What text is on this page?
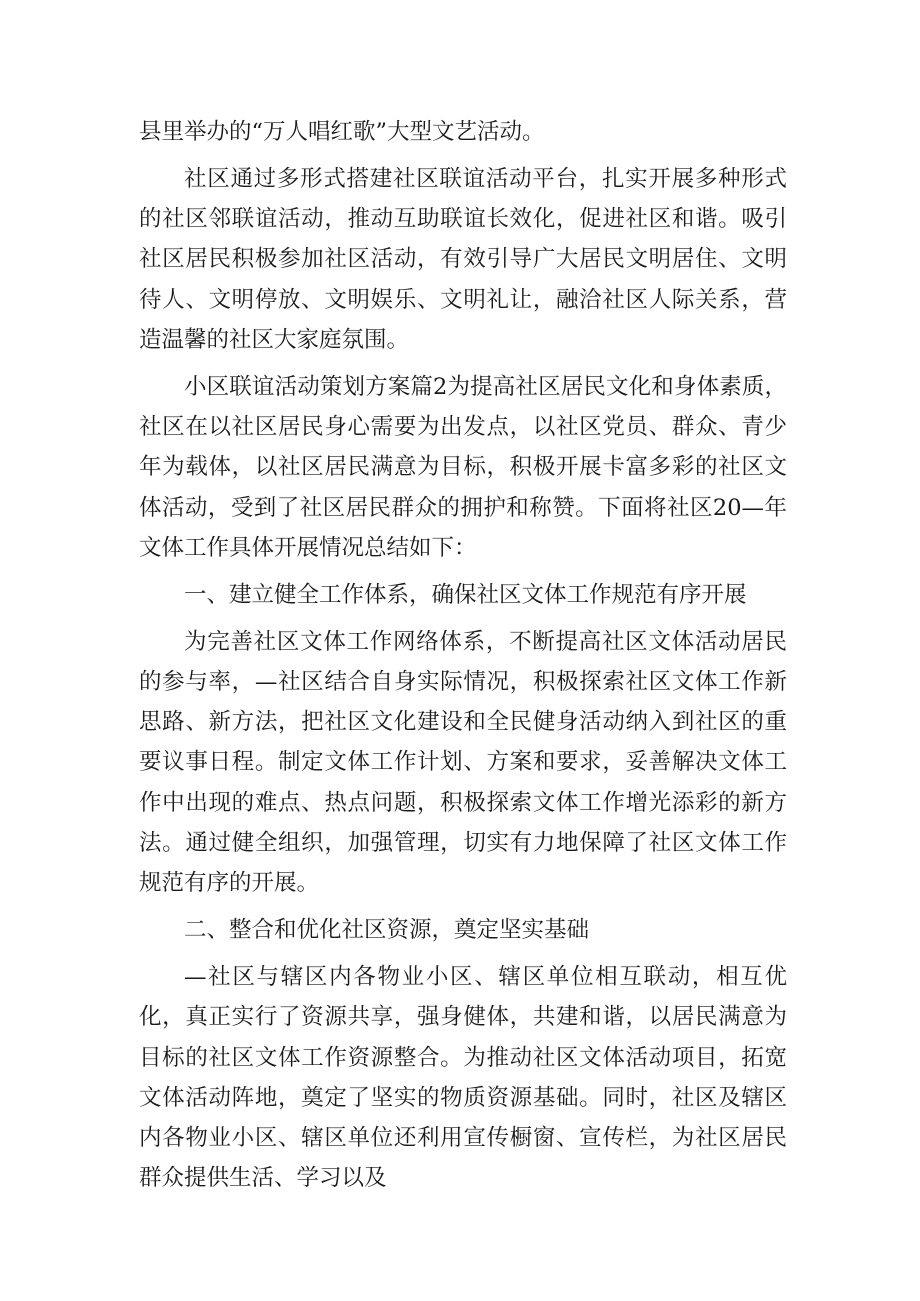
县里举办的“万人唱红歌”大型文艺活动。

社区通过多形式搭建社区联谊活动平台，扎实开展多种形式的社区邻联谊活动，推动互助联谊长效化，促进社区和谐。吸引社区居民积极参加社区活动，有效引导广大居民文明居住、文明待人、文明停放、文明娱乐、文明礼让，融洽社区人际关系，营造温馨的社区大家庭氛围。

小区联谊活动策划方案篇2为提高社区居民文化和身体素质，社区在以社区居民身心需要为出发点，以社区党员、群众、青少年为载体，以社区居民满意为目标，积极开展卡富多彩的社区文体活动，受到了社区居民群众的拥护和称赞。下面将社区20—年文体工作具体开展情况总结如下：

一、建立健全工作体系，确保社区文体工作规范有序开展

为完善社区文体工作网络体系，不断提高社区文体活动居民的参与率，—社区结合自身实际情况，积极探索社区文体工作新思路、新方法，把社区文化建设和全民健身活动纳入到社区的重要议事日程。制定文体工作计划、方案和要求，妥善解决文体工作中出现的难点、热点问题，积极探索文体工作增光添彩的新方法。通过健全组织，加强管理，切实有力地保障了社区文体工作规范有序的开展。

二、整合和优化社区资源，奠定坚实基础

—社区与辖区内各物业小区、辖区单位相互联动，相互优化，真正实行了资源共享，强身健体，共建和谐，以居民满意为目标的社区文体工作资源整合。为推动社区文体活动项目，拓宽文体活动阵地，奠定了坚实的物质资源基础。同时，社区及辖区内各物业小区、辖区单位还利用宣传橱窗、宣传栏，为社区居民群众提供生活、学习以及
